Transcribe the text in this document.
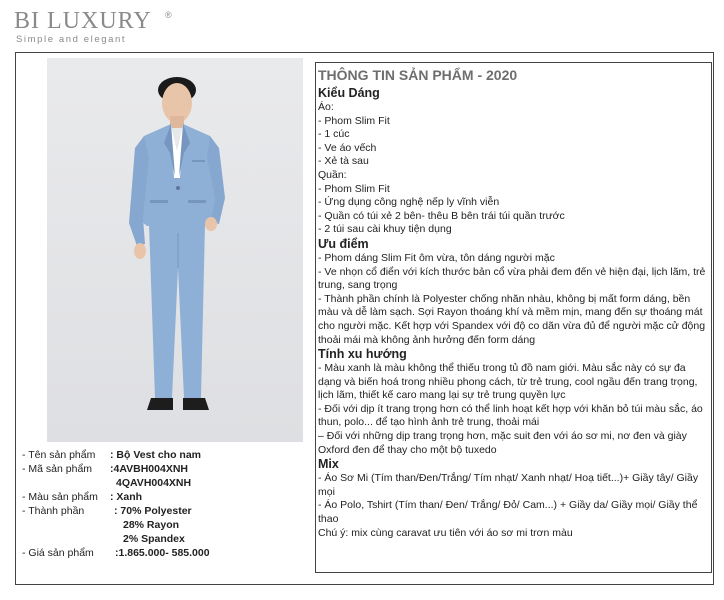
BI LUXURY ®
Simple and elegant
- Tên sản phẩm : Bộ Vest cho nam
- Mã sản phẩm :4AVBH004XNH
4QAVH004XNH
- Màu sản phẩm : Xanh
- Thành phần	: 70% Polyester
28% Rayon
2% Spandex
- Giá sản phẩm :1.865.000- 585.000
THÔNG TIN SẢN PHẨM - 2020
Kiểu Dáng
Áo:
- Phom Slim Fit
- 1 cúc
- Ve áo vếch
- Xẻ tà sau
Quần:
- Phom Slim Fit
- Ứng dụng công nghệ nếp ly vĩnh viễn
- Quần có túi xẻ 2 bên- thêu B bên trái túi quần trước
- 2 túi sau cài khuy tiện dụng
Ưu điểm
- Phom dáng Slim Fit ôm vừa, tôn dáng người mặc
- Ve nhọn cổ điển với kích thước bản cổ vừa phải đem đến vẻ hiện đại, lịch lãm, trẻ trung, sang trọng
- Thành phần chính là Polyester chống nhăn nhàu, không bị mất form dáng, bền màu và dễ làm sạch. Sợi Rayon thoáng khí và mềm mịn, mang đến sự thoáng mát cho người mặc. Kết hợp với Spandex với độ co dãn vừa đủ để người mặc cử động thoải mái mà không ảnh hưởng đến form dáng
Tính xu hướng
- Màu xanh là màu không thể thiếu trong tủ đồ nam giới. Màu sắc này có sự đa dạng và biến hoá trong nhiều phong cách, từ trẻ trung, cool ngầu đến trang trọng, lịch lãm, thiết kế caro mang lại sự trẻ trung quyền lực
- Đối với dịp ít trang trọng hơn có thể linh hoạt kết hợp với khăn bỏ túi màu sắc, áo thun, polo... để tạo hình ảnh trẻ trung, thoải mái
– Đối với những dịp trang trọng hơn, mặc suit đen với áo sơ mi, nơ đen và giày Oxford đen để thay cho một bộ tuxedo
Mix
- Áo Sơ Mi (Tím than/Đen/Trắng/ Tím nhạt/ Xanh nhạt/ Hoạ tiết...)+ Giầy tây/ Giầy mọi
- Áo Polo, Tshirt (Tím than/ Đen/ Trắng/ Đỏ/ Cam...) + Giầy da/ Giầy mọi/ Giầy thể thao
Chú ý: mix cùng caravat ưu tiên với áo sơ mi trơn màu
